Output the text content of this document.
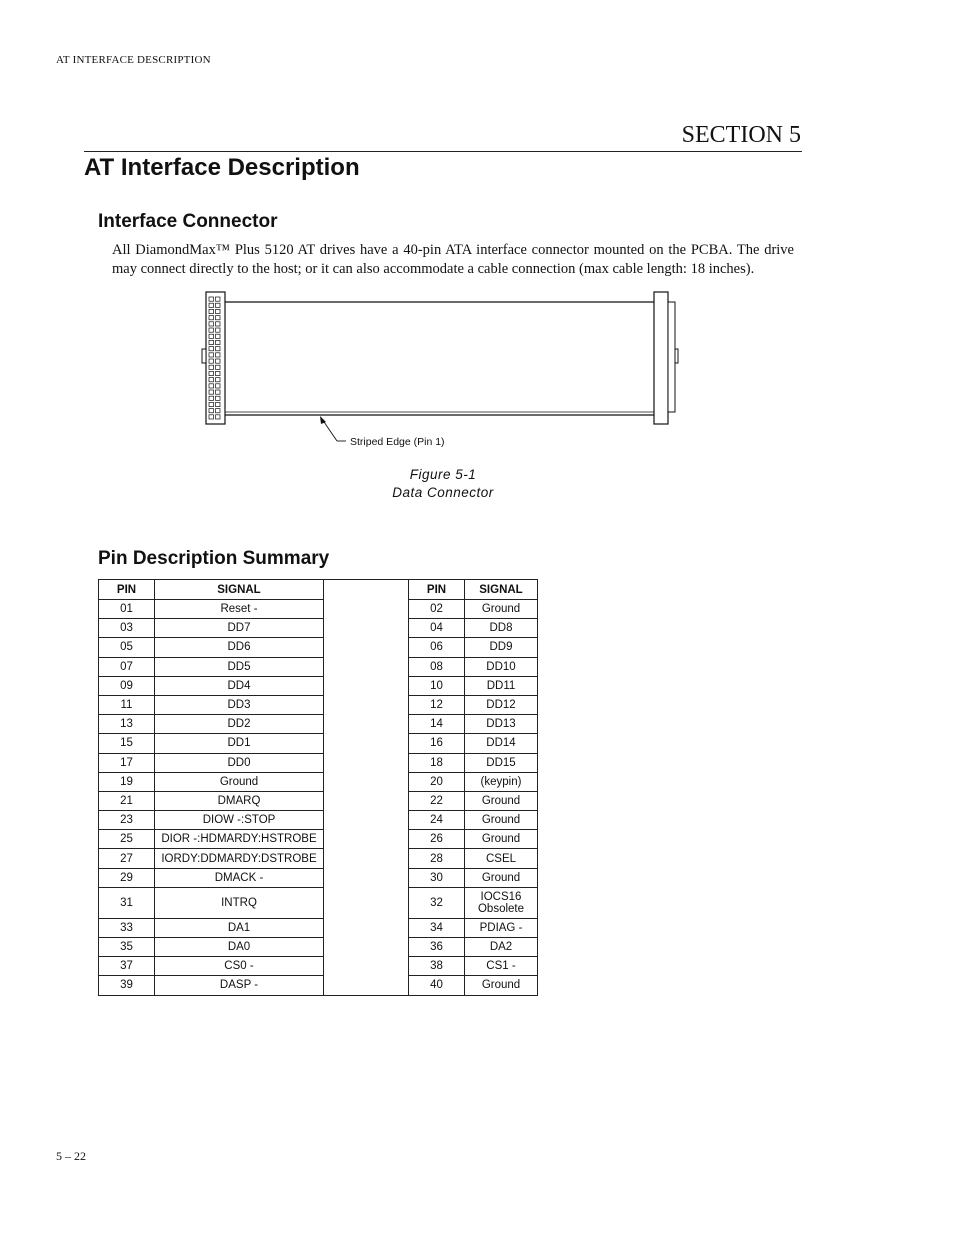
AT INTERFACE DESCRIPTION
SECTION 5
AT Interface Description
Interface Connector

All DiamondMax™ Plus 5120 AT drives have a 40-pin ATA interface connector mounted on the PCBA. The drive may connect directly to the host; or it can also accommodate a cable connection (max cable length: 18 inches).

Striped Edge (Pin 1)
Figure 5-1
Data Connector
Pin Description Summary
PIN	SIGNAL		PIN	SIGNAL
01	Reset -		02	Ground
03	DD7		04	DD8
05	DD6		06	DD9
07	DD5		08	DD10
09	DD4		10	DD11
11	DD3		12	DD12
13	DD2		14	DD13
15	DD1		16	DD14
17	DD0		18	DD15
19	Ground		20	(keypin)
21	DMARQ		22	Ground
23	DIOW -:STOP		24	Ground
25	DIOR -:HDMARDY:HSTROBE		26	Ground
27	IORDY:DDMARDY:DSTROBE		28	CSEL
29	DMACK -		30	Ground
31	INTRQ		32	IOCS16
Obsolete

33	DA1		34	PDIAG -
35	DA0		36	DA2
37	CS0 -		38	CS1 -
39	DASP -		40	Ground
5 – 22
